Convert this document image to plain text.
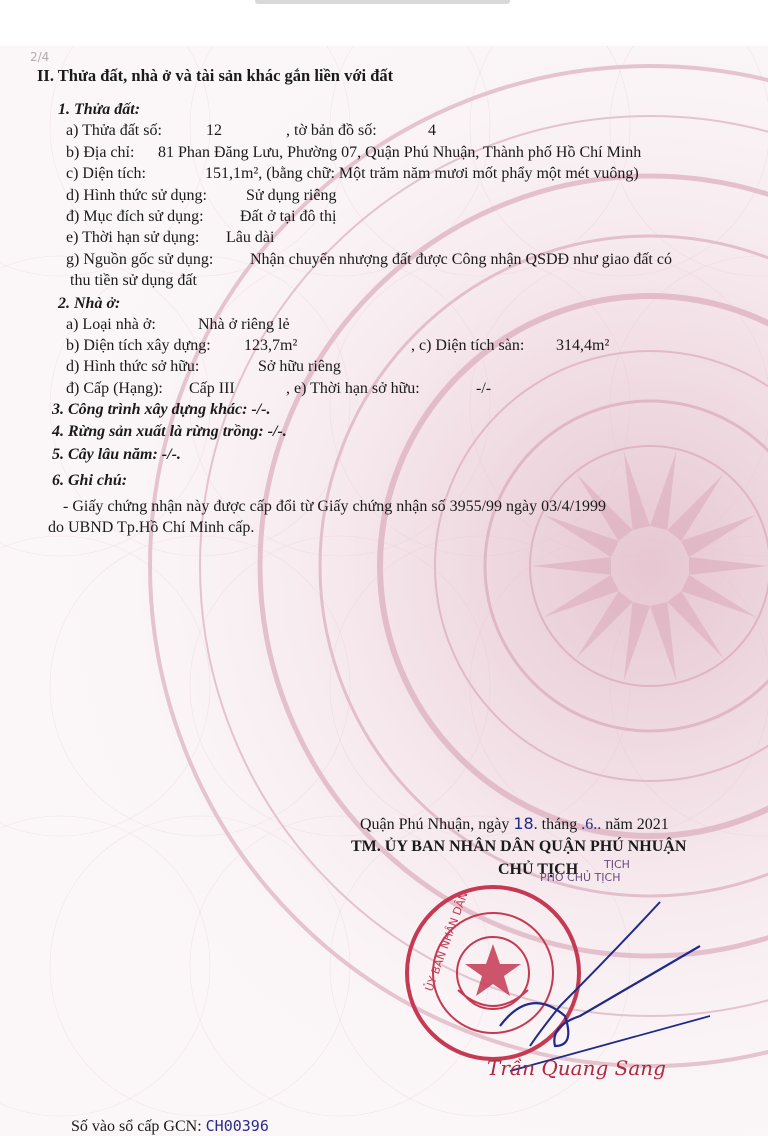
2/4
II. Thửa đất, nhà ở và tài sản khác gắn liền với đất
1. Thửa đất:
a) Thửa đất số:	12	, tờ bản đồ số:	4
b) Địa chỉ: 81 Phan Đăng Lưu, Phường 07, Quận Phú Nhuận, Thành phố Hồ Chí Minh
c) Diện tích:	151,1m², (bằng chữ: Một trăm năm mươi mốt phẩy một mét vuông)
d) Hình thức sử dụng: Sử dụng riêng
đ) Mục đích sử dụng: Đất ở tại đô thị
e) Thời hạn sử dụng: Lâu dài
g) Nguồn gốc sử dụng: Nhận chuyển nhượng đất được Công nhận QSDĐ như giao đất có
thu tiền sử dụng đất
2. Nhà ở:
a) Loại nhà ở:	Nhà ở riêng lẻ
b) Diện tích xây dựng: 123,7m²	, c) Diện tích sàn: 314,4m²
d) Hình thức sở hữu:	Sở hữu riêng
đ) Cấp (Hạng): Cấp III	, e) Thời hạn sở hữu:	-/-
3. Công trình xây dựng khác: -/-.
4. Rừng sản xuất là rừng trồng: -/-.
5. Cây lâu năm: -/-.
6. Ghi chú:
- Giấy chứng nhận này được cấp đổi từ Giấy chứng nhận số 3955/99 ngày 03/4/1999
do UBND Tp.Hồ Chí Minh cấp.
Quận Phú Nhuận, ngày 18. tháng .6.. năm 2021
TM. ỦY BAN NHÂN DÂN QUẬN PHÚ NHUẬN
CHỦ TỊCH TỊCH
PHÓ CHỦ TỊCH
ỦY BAN NHÂN DÂN
Trần Quang Sang
Số vào sổ cấp GCN: CH00396
